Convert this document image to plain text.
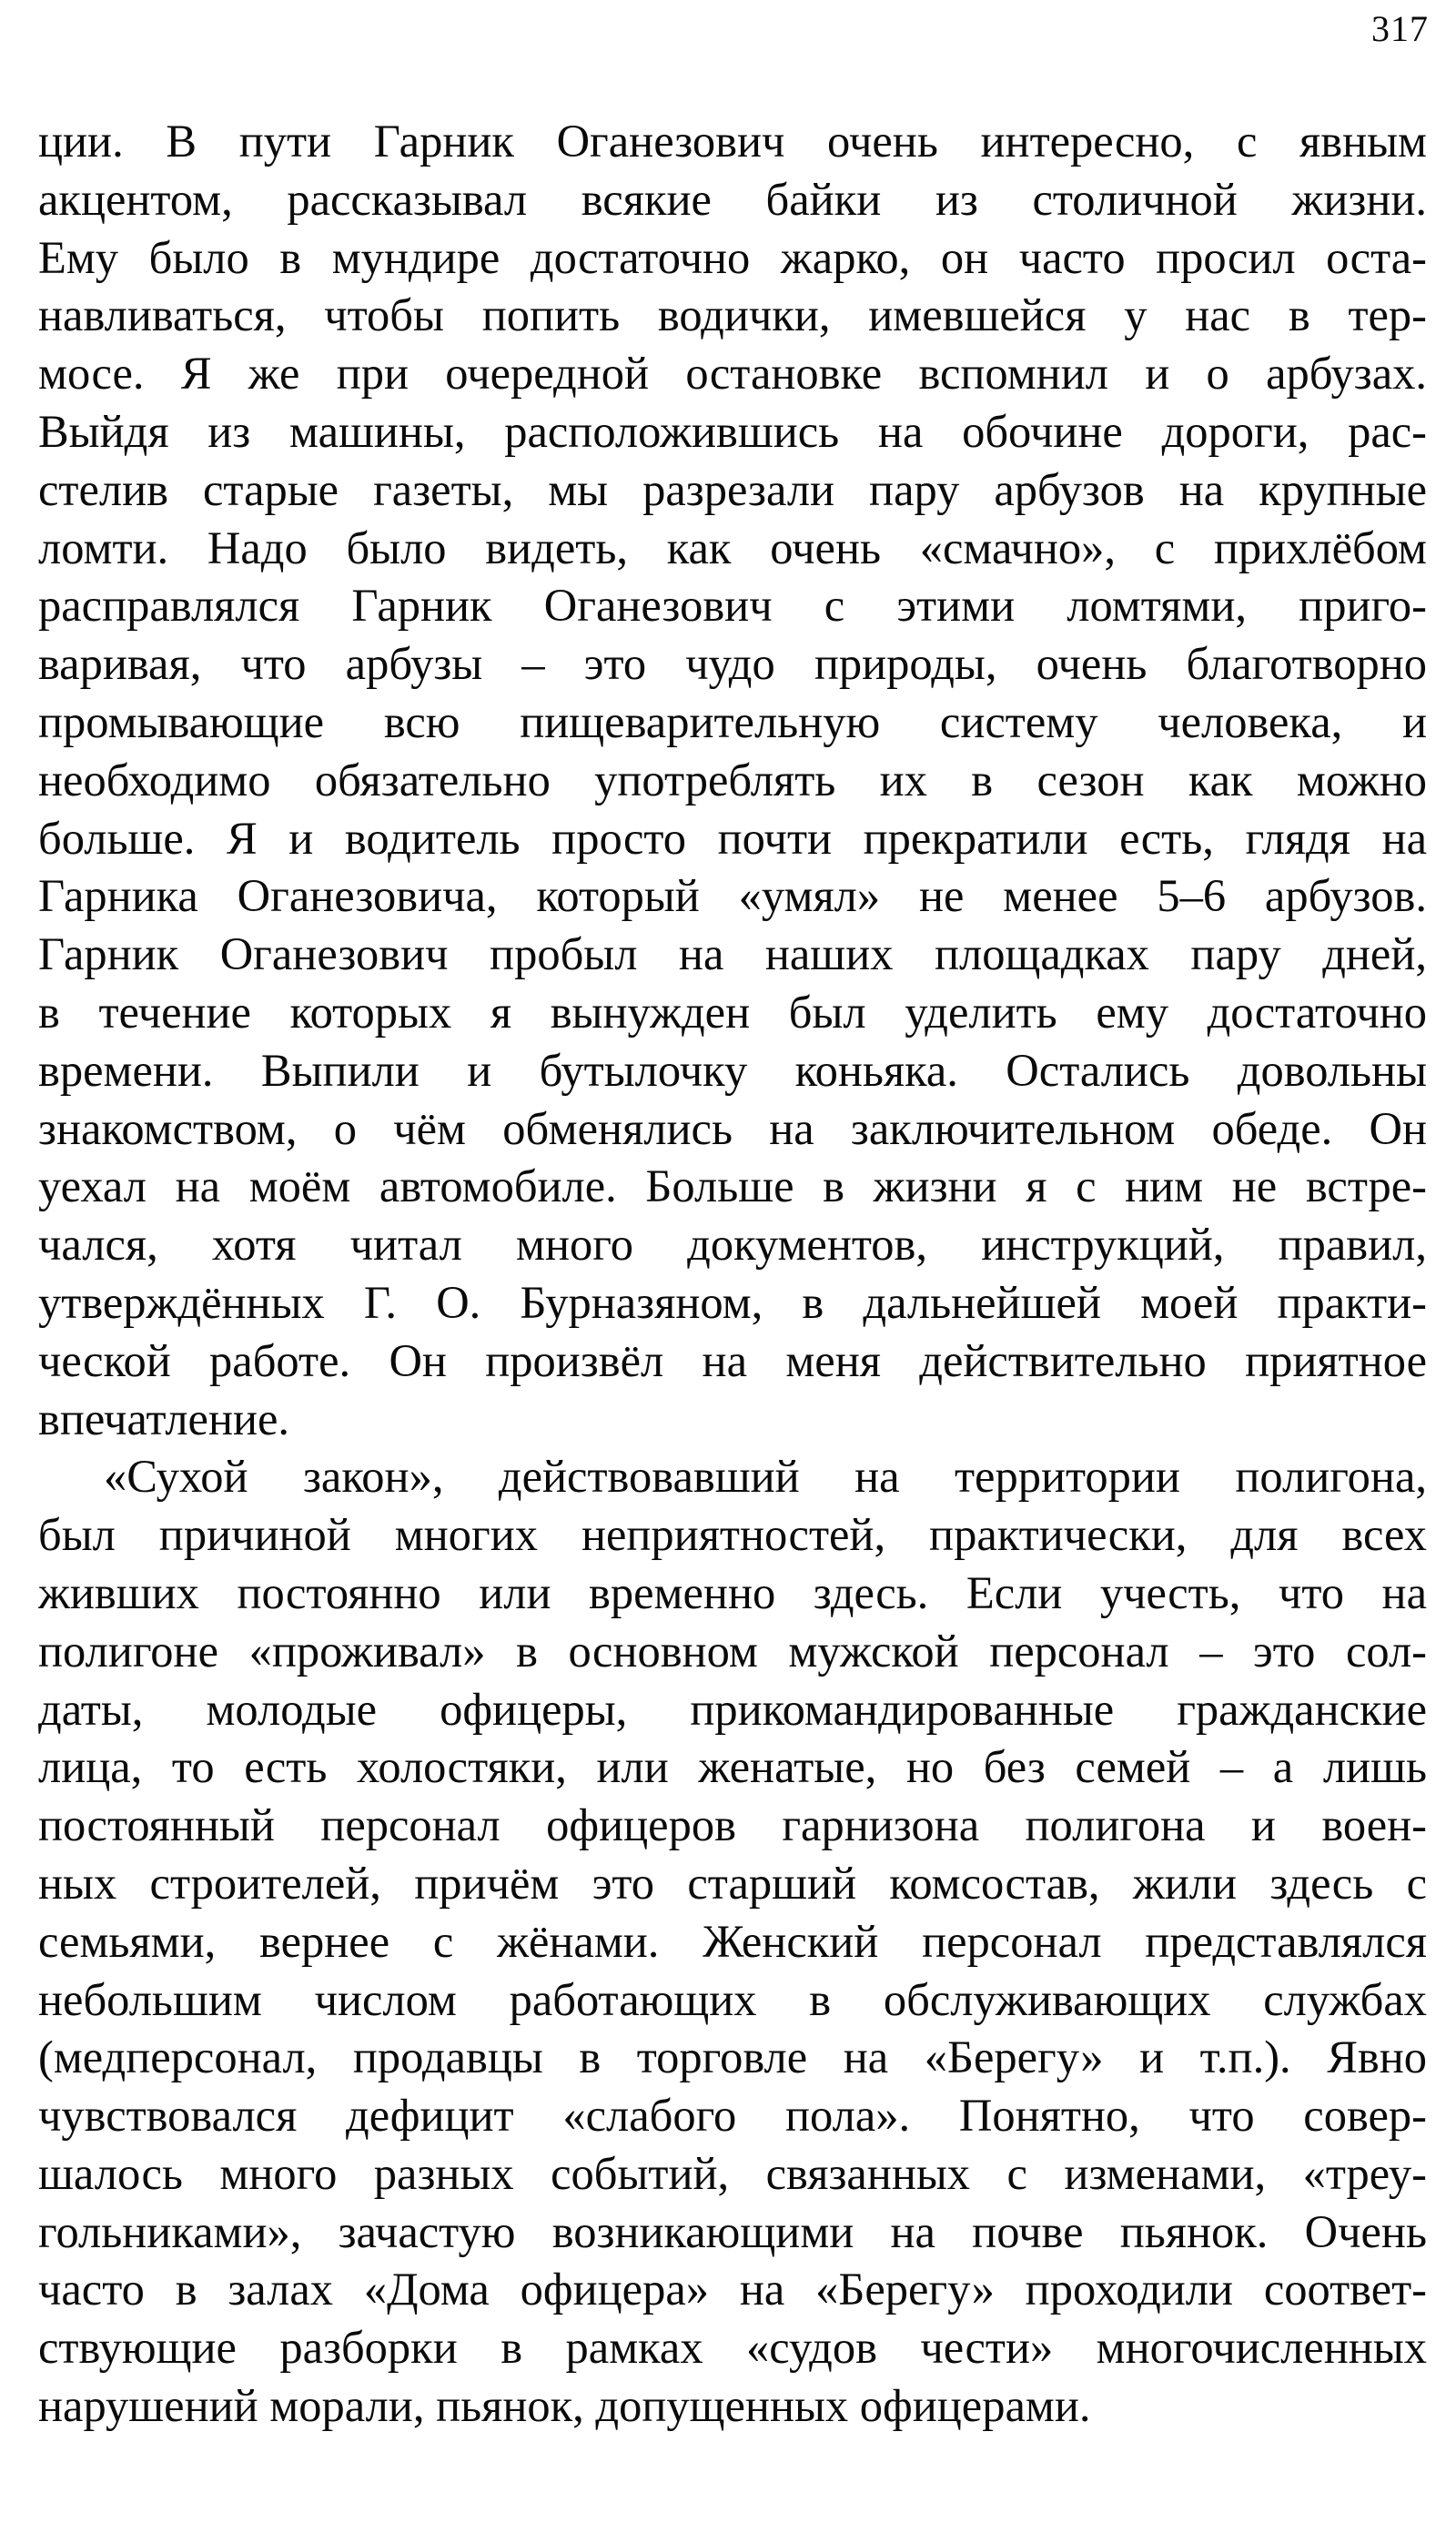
317
ции. В пути Гарник Оганезович очень интересно, с явным
акцентом, рассказывал всякие байки из столичной жизни.
Ему было в мундире достаточно жарко, он часто просил оста-
навливаться, чтобы попить водички, имевшейся у нас в тер-
мосе. Я же при очередной остановке вспомнил и о арбузах.
Выйдя из машины, расположившись на обочине дороги, рас-
стелив старые газеты, мы разрезали пару арбузов на крупные
ломти. Надо было видеть, как очень «смачно», с прихлёбом
расправлялся Гарник Оганезович с этими ломтями, приго-
варивая, что арбузы – это чудо природы, очень благотворно
промывающие всю пищеварительную систему человека, и
необходимо обязательно употреблять их в сезон как можно
больше. Я и водитель просто почти прекратили есть, глядя на
Гарника Оганезовича, который «умял» не менее 5–6 арбузов.
Гарник Оганезович пробыл на наших площадках пару дней,
в течение которых я вынужден был уделить ему достаточно
времени. Выпили и бутылочку коньяка. Остались довольны
знакомством, о чём обменялись на заключительном обеде. Он
уехал на моём автомобиле. Больше в жизни я с ним не встре-
чался, хотя читал много документов, инструкций, правил,
утверждённых Г. О. Бурназяном, в дальнейшей моей практи-
ческой работе. Он произвёл на меня действительно приятное
впечатление.
«Сухой закон», действовавший на территории полигона,
был причиной многих неприятностей, практически, для всех
живших постоянно или временно здесь. Если учесть, что на
полигоне «проживал» в основном мужской персонал – это сол-
даты, молодые офицеры, прикомандированные гражданские
лица, то есть холостяки, или женатые, но без семей – а лишь
постоянный персонал офицеров гарнизона полигона и воен-
ных строителей, причём это старший комсостав, жили здесь с
семьями, вернее с жёнами. Женский персонал представлялся
небольшим числом работающих в обслуживающих службах
(медперсонал, продавцы в торговле на «Берегу» и т.п.). Явно
чувствовался дефицит «слабого пола». Понятно, что совер-
шалось много разных событий, связанных с изменами, «треу-
гольниками», зачастую возникающими на почве пьянок. Очень
часто в залах «Дома офицера» на «Берегу» проходили соответ-
ствующие разборки в рамках «судов чести» многочисленных
нарушений морали, пьянок, допущенных офицерами.
